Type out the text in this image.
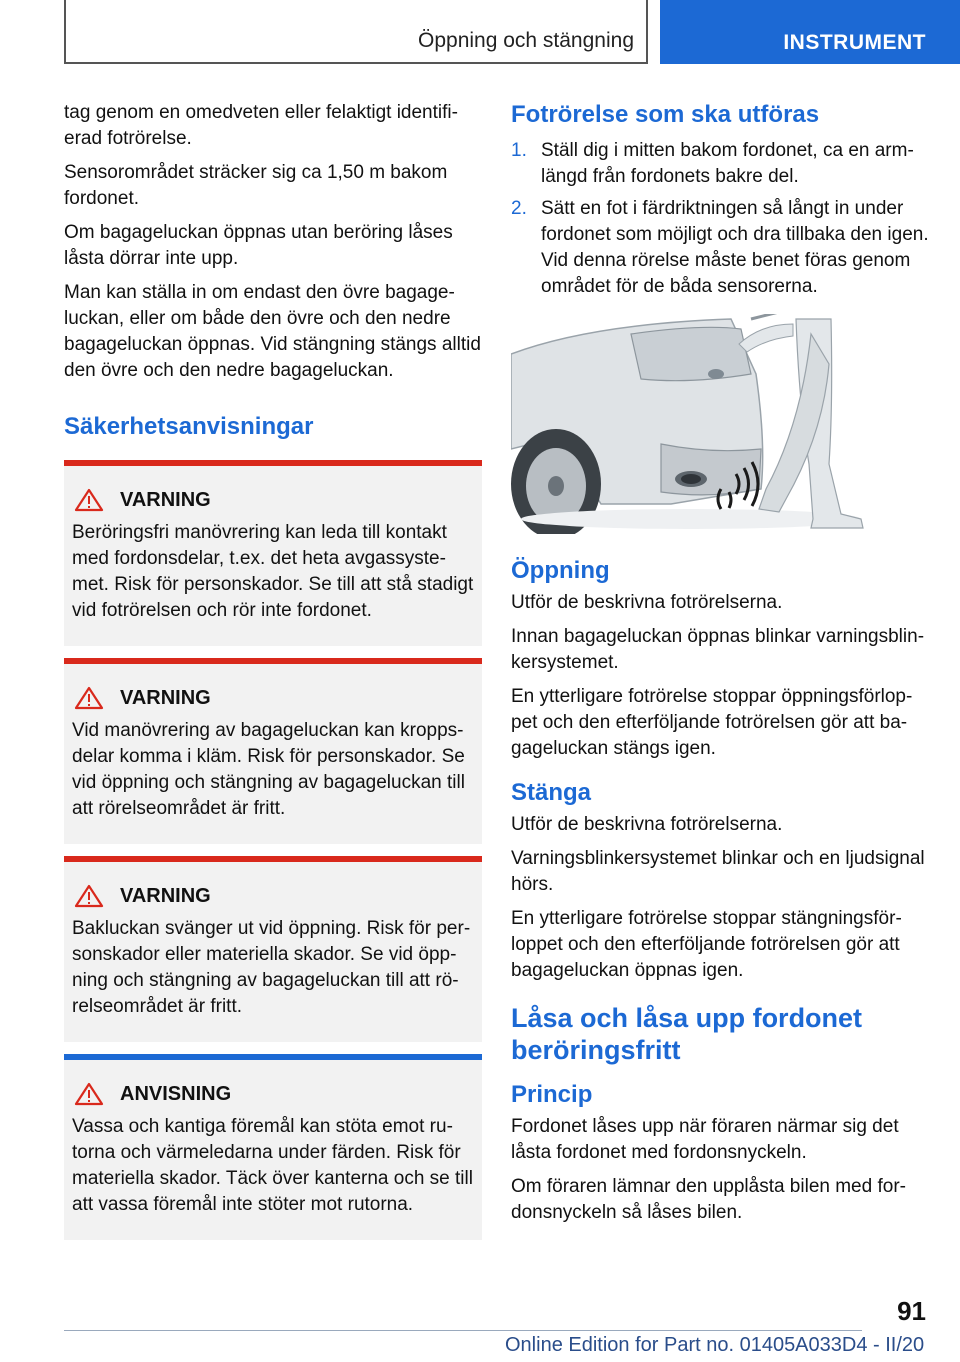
Öppning och stängning	INSTRUMENT

tag genom en omedveten eller felaktigt identifierad fotrörelse.

Sensorområdet sträcker sig ca 1,50 m bakom fordonet.

Om bagageluckan öppnas utan beröring låses låsta dörrar inte upp.

Man kan ställa in om endast den övre bagageluckan, eller om både den övre och den nedre bagageluckan öppnas. Vid stängning stängs alltid den övre och den nedre bagageluckan.

Säkerhetsanvisningar
VARNING

Beröringsfri manövrering kan leda till kontakt med fordonsdelar, t.ex. det heta avgassystemet. Risk för personskador. Se till att stå stadigt vid fotrörelsen och rör inte fordonet.

VARNING

Vid manövrering av bagageluckan kan kroppsdelar komma i kläm. Risk för personskador. Se vid öppning och stängning av bagageluckan till att rörelseområdet är fritt.

VARNING

Bakluckan svänger ut vid öppning. Risk för personskador eller materiella skador. Se vid öppning och stängning av bagageluckan till att rörelseområdet är fritt.

ANVISNING

Vassa och kantiga föremål kan stöta emot rutorna och värmeledarna under färden. Risk för materiella skador. Täck över kanterna och se till att vassa föremål inte stöter mot rutorna.

Fotrörelse som ska utföras
1. Ställ dig i mitten bakom fordonet, ca en armlängd från fordonets bakre del.

2. Sätt en fot i färdriktningen så långt in under fordonet som möjligt och dra tillbaka den igen. Vid denna rörelse måste benet föras genom området för de båda sensorerna.

Öppning

Utför de beskrivna fotrörelserna.

Innan bagageluckan öppnas blinkar varningsblinkersystemet.

En ytterligare fotrörelse stoppar öppningsförloppet och den efterföljande fotrörelsen gör att bagageluckan stängs igen.

Stänga

Utför de beskrivna fotrörelserna.

Varningsblinkersystemet blinkar och en ljudsignal hörs.

En ytterligare fotrörelse stoppar stängningsförloppet och den efterföljande fotrörelsen gör att bagageluckan öppnas igen.

Låsa och låsa upp fordonet beröringsfritt
Princip

Fordonet låses upp när föraren närmar sig det låsta fordonet med fordonsnyckeln.

Om föraren lämnar den upplåsta bilen med fordonsnyckeln så låses bilen.

91
Online Edition for Part no. 01405A033D4 - II/20
